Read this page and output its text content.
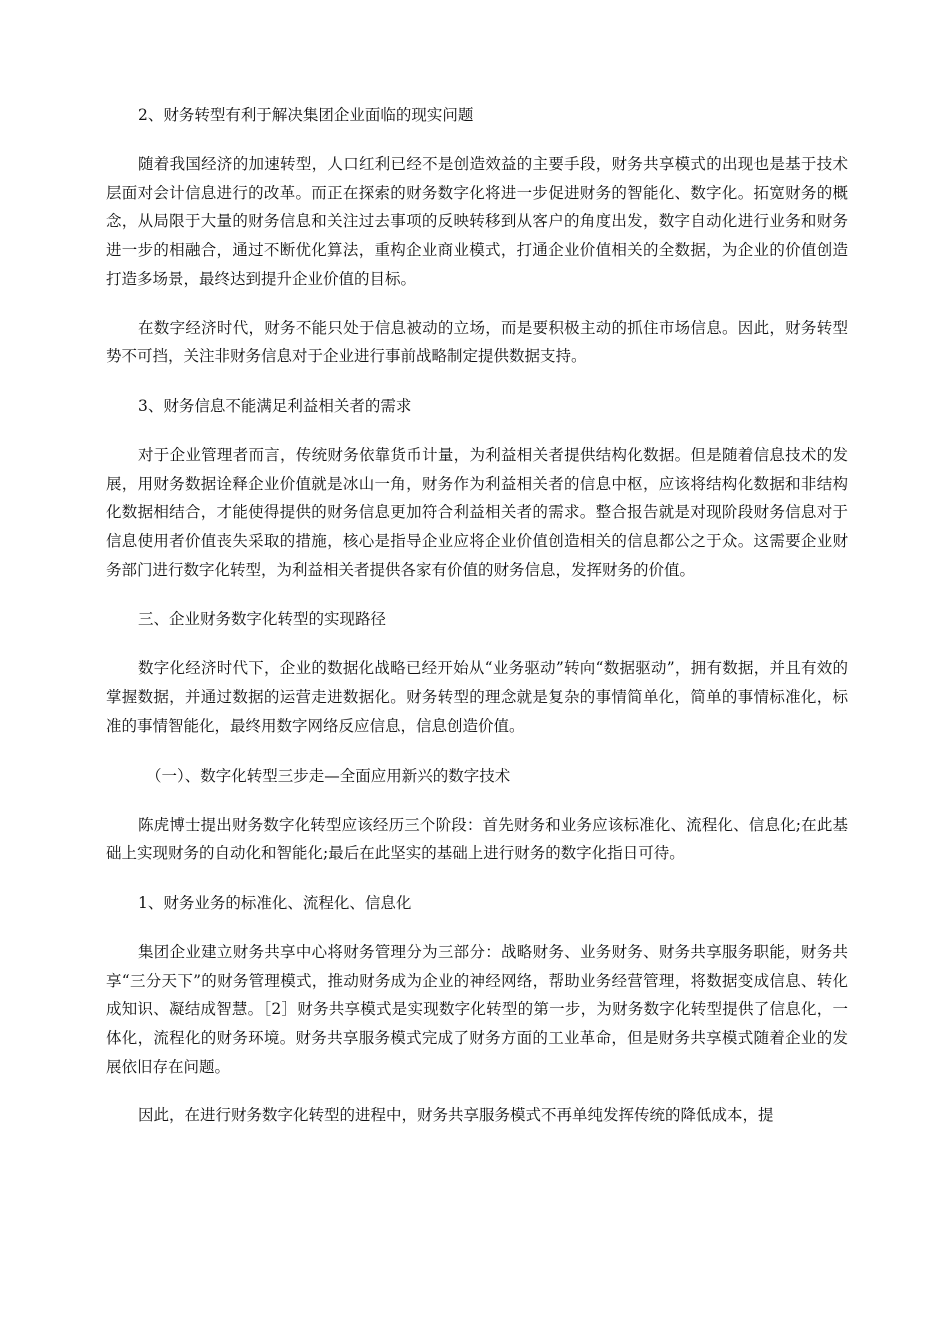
2、财务转型有利于解决集团企业面临的现实问题
随着我国经济的加速转型，人口红利已经不是创造效益的主要手段，财务共享模式的出现也是基于技术层面对会计信息进行的改革。而正在探索的财务数字化将进一步促进财务的智能化、数字化。拓宽财务的概念，从局限于大量的财务信息和关注过去事项的反映转移到从客户的角度出发，数字自动化进行业务和财务进一步的相融合，通过不断优化算法，重构企业商业模式，打通企业价值相关的全数据，为企业的价值创造打造多场景，最终达到提升企业价值的目标。
在数字经济时代，财务不能只处于信息被动的立场，而是要积极主动的抓住市场信息。因此，财务转型势不可挡，关注非财务信息对于企业进行事前战略制定提供数据支持。
3、财务信息不能满足利益相关者的需求
对于企业管理者而言，传统财务依靠货币计量，为利益相关者提供结构化数据。但是随着信息技术的发展，用财务数据诠释企业价值就是冰山一角，财务作为利益相关者的信息中枢，应该将结构化数据和非结构化数据相结合，才能使得提供的财务信息更加符合利益相关者的需求。整合报告就是对现阶段财务信息对于信息使用者价值丧失采取的措施，核心是指导企业应将企业价值创造相关的信息都公之于众。这需要企业财务部门进行数字化转型，为利益相关者提供各家有价值的财务信息，发挥财务的价值。
三、企业财务数字化转型的实现路径
数字化经济时代下，企业的数据化战略已经开始从“业务驱动”转向“数据驱动”，拥有数据，并且有效的掌握数据，并通过数据的运营走进数据化。财务转型的理念就是复杂的事情简单化，简单的事情标准化，标准的事情智能化，最终用数字网络反应信息，信息创造价值。
（一）、数字化转型三步走—全面应用新兴的数字技术
陈虎博士提出财务数字化转型应该经历三个阶段：首先财务和业务应该标准化、流程化、信息化;在此基础上实现财务的自动化和智能化;最后在此坚实的基础上进行财务的数字化指日可待。
1、财务业务的标准化、流程化、信息化
集团企业建立财务共享中心将财务管理分为三部分：战略财务、业务财务、财务共享服务职能，财务共享“三分天下”的财务管理模式，推动财务成为企业的神经网络，帮助业务经营管理，将数据变成信息、转化成知识、凝结成智慧。［2］财务共享模式是实现数字化转型的第一步，为财务数字化转型提供了信息化，一体化，流程化的财务环境。财务共享服务模式完成了财务方面的工业革命，但是财务共享模式随着企业的发展依旧存在问题。
因此，在进行财务数字化转型的进程中，财务共享服务模式不再单纯发挥传统的降低成本，提
